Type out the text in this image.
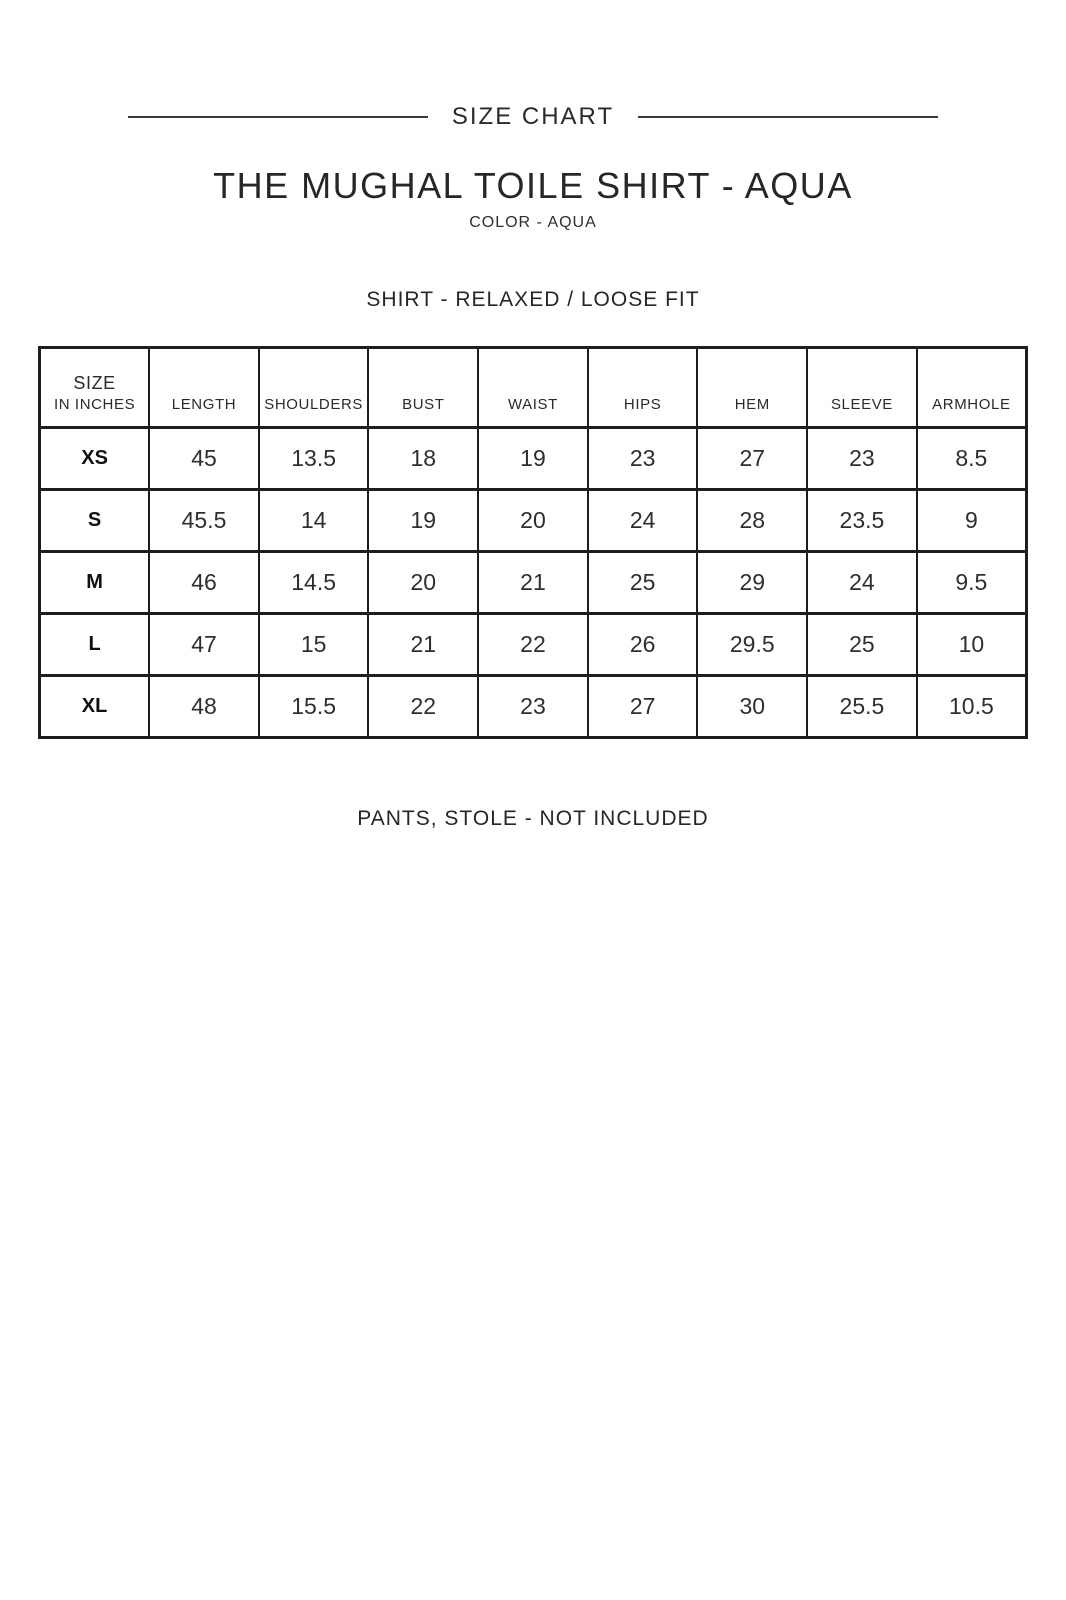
SIZE CHART
THE MUGHAL TOILE SHIRT - AQUA
COLOR - AQUA
SHIRT - RELAXED / LOOSE FIT
SIZE
IN INCHES	LENGTH	SHOULDERS	BUST	WAIST	HIPS	HEM	SLEEVE	ARMHOLE
XS	45	13.5	18	19	23	27	23	8.5
S	45.5	14	19	20	24	28	23.5	9
M	46	14.5	20	21	25	29	24	9.5
L	47	15	21	22	26	29.5	25	10
XL	48	15.5	22	23	27	30	25.5	10.5
PANTS, STOLE - NOT INCLUDED
